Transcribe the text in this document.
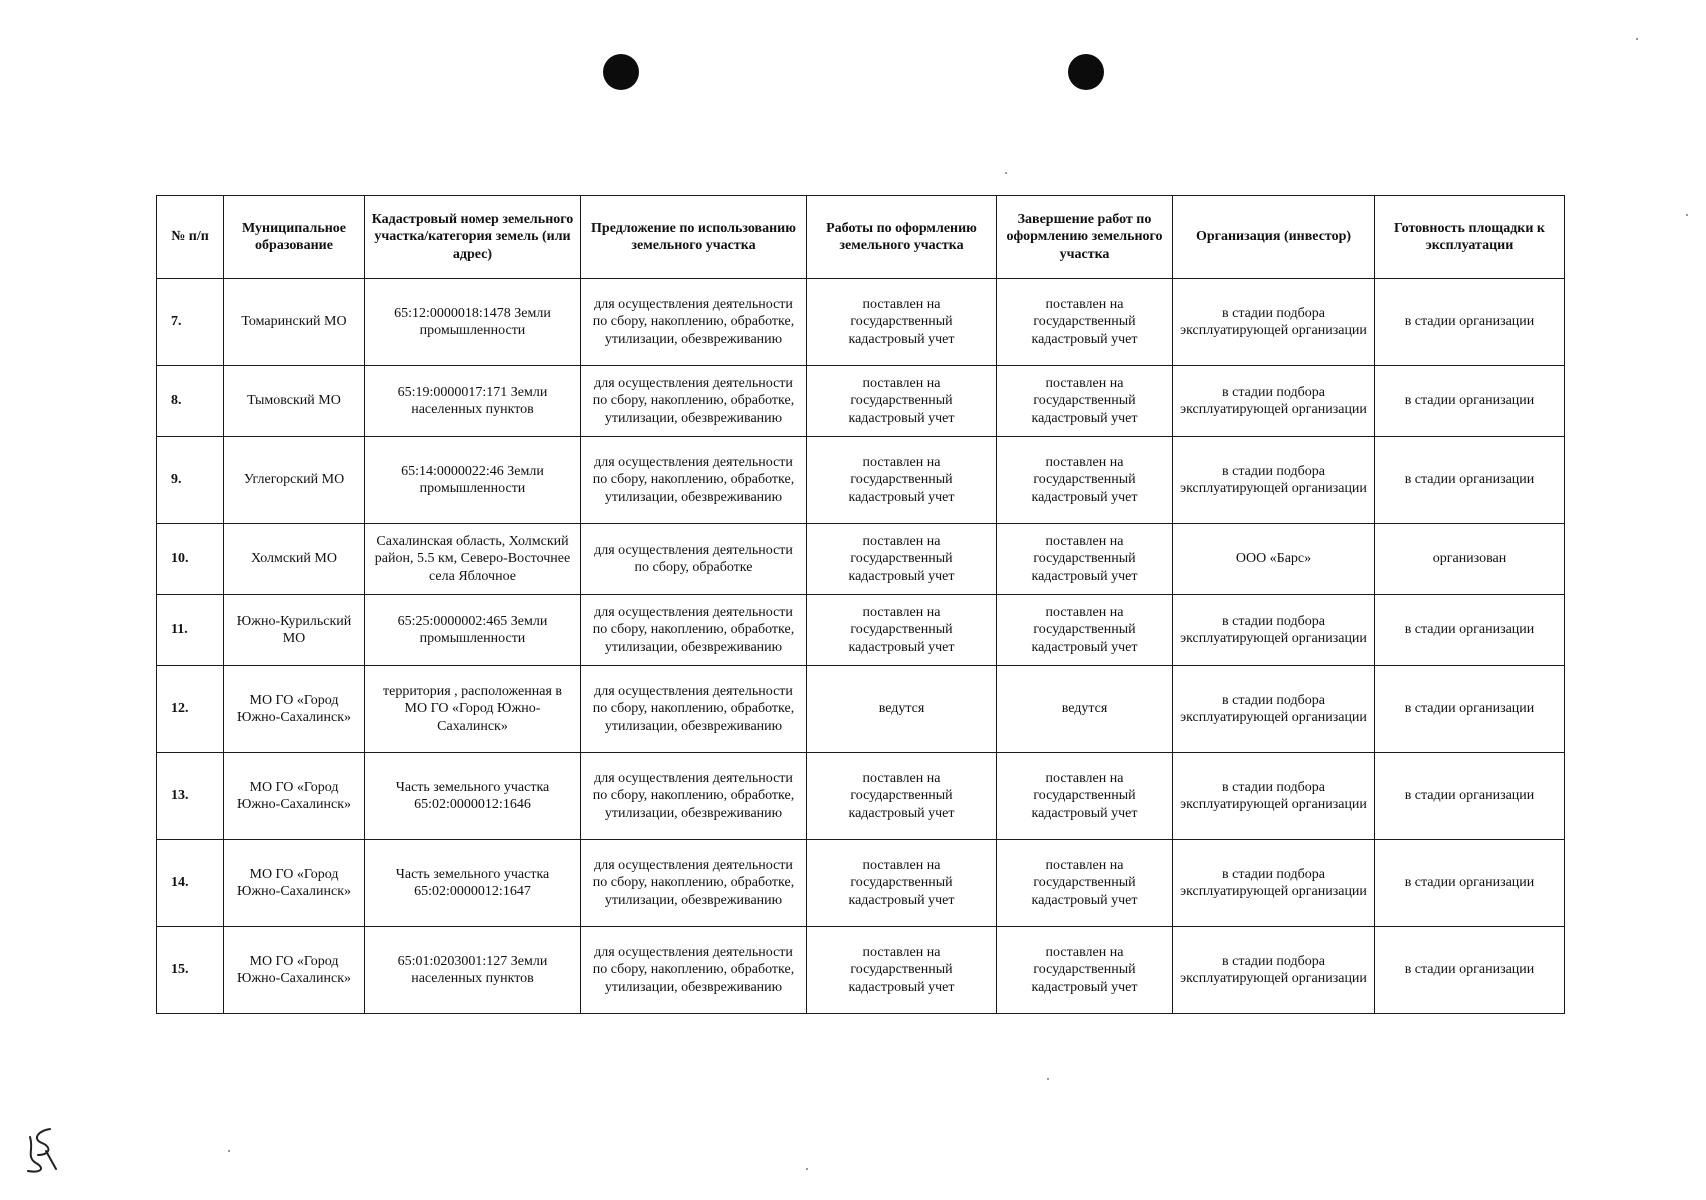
№ п/п	Муниципальное образование	Кадастровый номер земельного участка/категория земель (или адрес)	Предложение по использованию земельного участка	Работы по оформлению земельного участка	Завершение работ по оформлению земельного участка	Организация (инвестор)	Готовность площадки к эксплуатации
7.	Томаринский МО	65:12:0000018:1478 Земли промышленности	для осуществления деятельности по сбору, накоплению, обработке, утилизации, обезвреживанию	поставлен на государственный кадастровый учет	поставлен на государственный кадастровый учет	в стадии подбора эксплуатирующей организации	в стадии организации
8.	Тымовский МО	65:19:0000017:171 Земли населенных пунктов	для осуществления деятельности по сбору, накоплению, обработке, утилизации, обезвреживанию	поставлен на государственный кадастровый учет	поставлен на государственный кадастровый учет	в стадии подбора эксплуатирующей организации	в стадии организации
9.	Углегорский МО	65:14:0000022:46 Земли промышленности	для осуществления деятельности по сбору, накоплению, обработке, утилизации, обезвреживанию	поставлен на государственный кадастровый учет	поставлен на государственный кадастровый учет	в стадии подбора эксплуатирующей организации	в стадии организации
10.	Холмский МО	Сахалинская область, Холмский район, 5.5 км, Северо-Восточнее села Яблочное	для осуществления деятельности по сбору, обработке	поставлен на государственный кадастровый учет	поставлен на государственный кадастровый учет	ООО «Барс»	организован
11.	Южно-Курильский МО	65:25:0000002:465 Земли промышленности	для осуществления деятельности по сбору, накоплению, обработке, утилизации, обезвреживанию	поставлен на государственный кадастровый учет	поставлен на государственный кадастровый учет	в стадии подбора эксплуатирующей организации	в стадии организации
12.	МО ГО «Город Южно-Сахалинск»	территория , расположенная в МО ГО «Город Южно-Сахалинск»	для осуществления деятельности по сбору, накоплению, обработке, утилизации, обезвреживанию	ведутся	ведутся	в стадии подбора эксплуатирующей организации	в стадии организации
13.	МО ГО «Город Южно-Сахалинск»	Часть земельного участка 65:02:0000012:1646	для осуществления деятельности по сбору, накоплению, обработке, утилизации, обезвреживанию	поставлен на государственный кадастровый учет	поставлен на государственный кадастровый учет	в стадии подбора эксплуатирующей организации	в стадии организации
14.	МО ГО «Город Южно-Сахалинск»	Часть земельного участка 65:02:0000012:1647	для осуществления деятельности по сбору, накоплению, обработке, утилизации, обезвреживанию	поставлен на государственный кадастровый учет	поставлен на государственный кадастровый учет	в стадии подбора эксплуатирующей организации	в стадии организации
15.	МО ГО «Город Южно-Сахалинск»	65:01:0203001:127 Земли населенных пунктов	для осуществления деятельности по сбору, накоплению, обработке, утилизации, обезвреживанию	поставлен на государственный кадастровый учет	поставлен на государственный кадастровый учет	в стадии подбора эксплуатирующей организации	в стадии организации
